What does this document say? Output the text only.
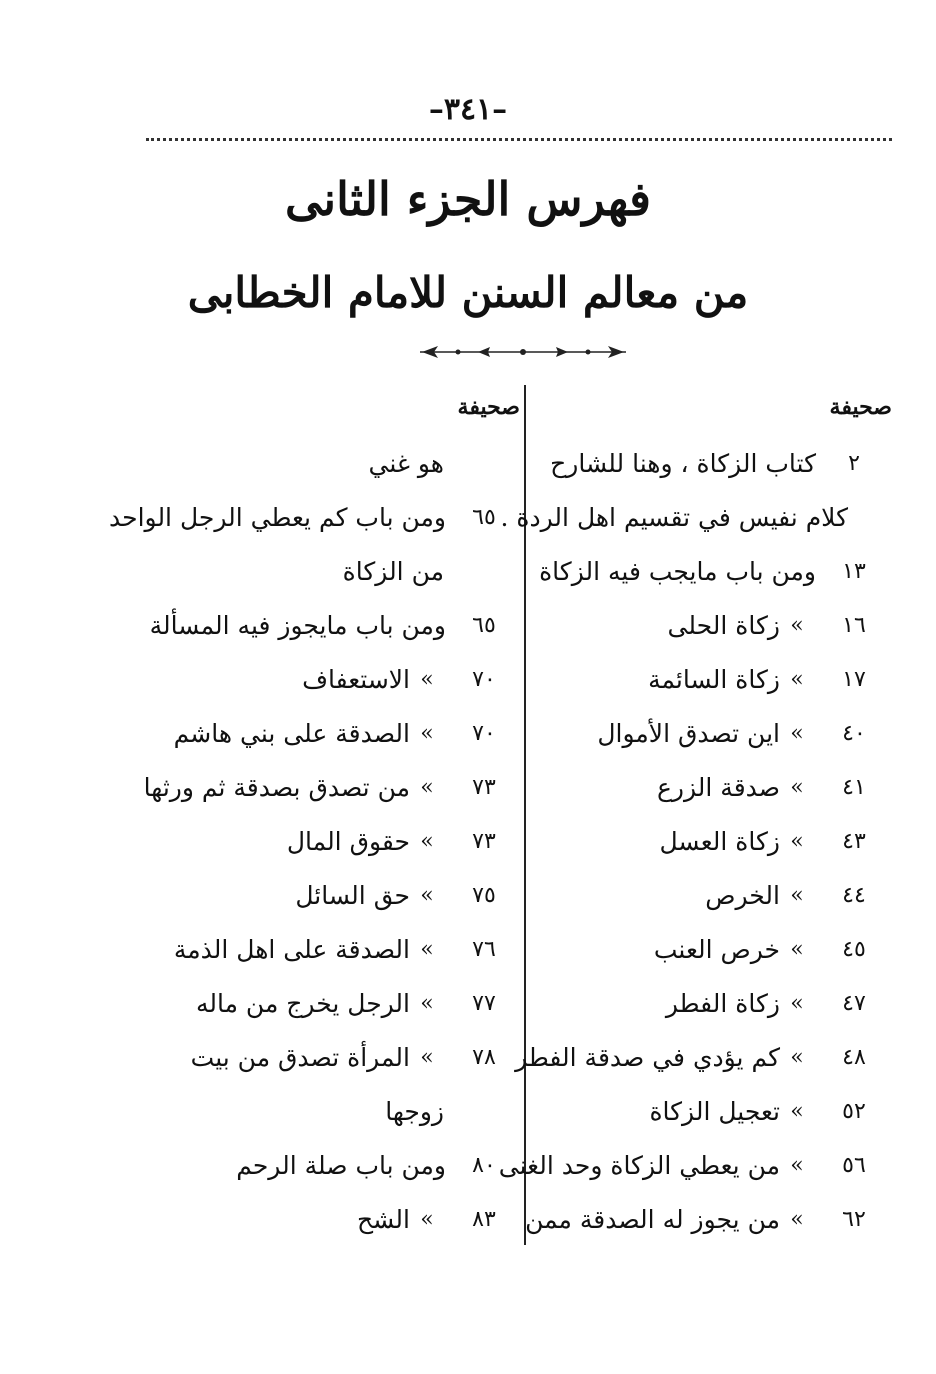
–٣٤١–
فهرس الجزء الثانى
من معالم السنن للامام الخطابى
صحيفة
صحيفة
٢
كتاب الزكاة ، وهنا للشارح
كلام نفيس في تقسيم اهل الردة .
١٣
ومن باب مايجب فيه الزكاة
١٦
»
زكاة الحلى
١٧
»
زكاة السائمة
٤٠
»
اين تصدق الأموال
٤١
»
صدقة الزرع
٤٣
»
زكاة العسل
٤٤
»
الخرص
٤٥
»
خرص العنب
٤٧
»
زكاة الفطر
٤٨
»
كم يؤدي في صدقة الفطر
٥٢
»
تعجيل الزكاة
٥٦
»
من يعطي الزكاة وحد الغنى
٦٢
»
من يجوز له الصدقة ممن
هو غني
٦٥
ومن باب كم يعطي الرجل الواحد
من الزكاة
٦٥
ومن باب مايجوز فيه المسألة
٧٠
»
الاستعفاف
٧٠
»
الصدقة على بني هاشم
٧٣
»
من تصدق بصدقة ثم ورثها
٧٣
»
حقوق المال
٧٥
»
حق السائل
٧٦
»
الصدقة على اهل الذمة
٧٧
»
الرجل يخرج من ماله
٧٨
»
المرأة تصدق من بيت
زوجها
٨٠
ومن باب صلة الرحم
٨٣
»
الشح
